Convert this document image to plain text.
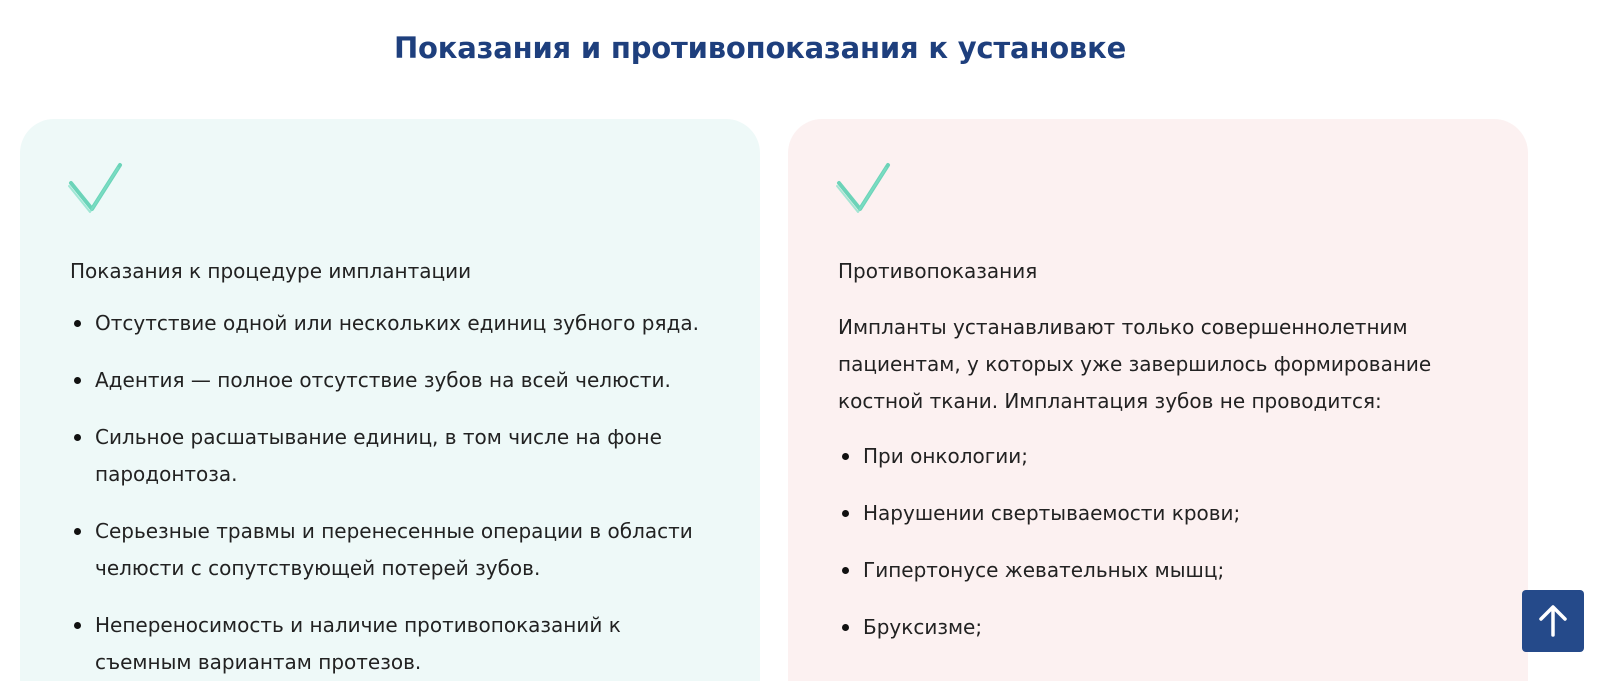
Показания и противопоказания к установке
Показания к процедуре имплантации
Отсутствие одной или нескольких единиц зубного ряда.
Адентия — полное отсутствие зубов на всей челюсти.
Сильное расшатывание единиц, в том числе на фоне пародонтоза.
Серьезные травмы и перенесенные операции в области челюсти с сопутствующей потерей зубов.
Непереносимость и наличие противопоказаний к съемным вариантам протезов.
Противопоказания

Импланты устанавливают только совершеннолетним пациентам, у которых уже завершилось формирование костной ткани. Имплантация зубов не проводится:

При онкологии;
Нарушении свертываемости крови;
Гипертонусе жевательных мышц;
Бруксизме;
